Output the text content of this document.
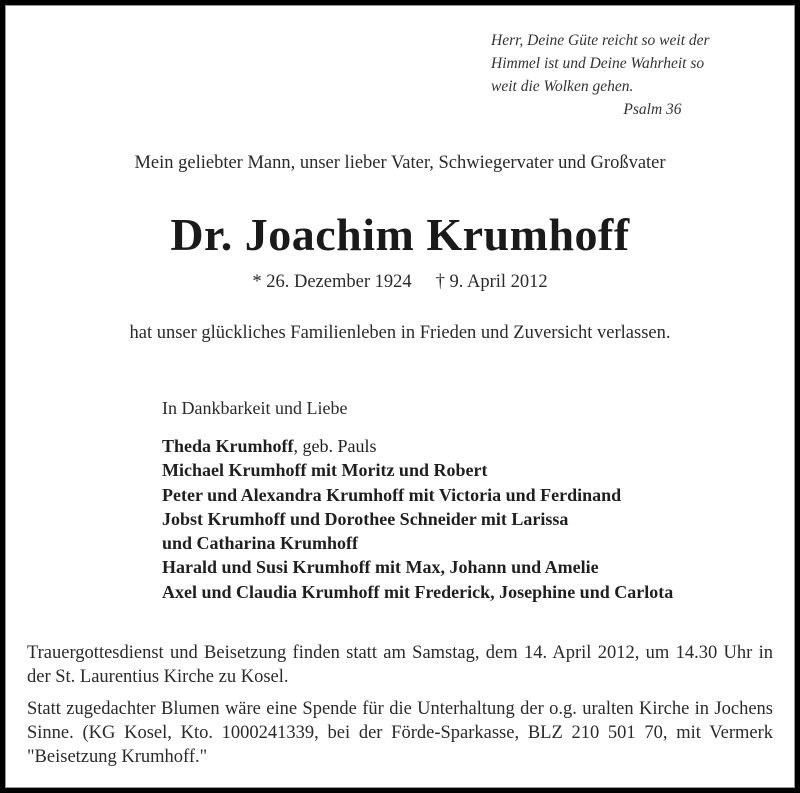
Herr, Deine Güte reicht so weit der
Himmel ist und Deine Wahrheit so
weit die Wolken gehen.
Psalm 36
Mein geliebter Mann, unser lieber Vater, Schwiegervater und Großvater
Dr. Joachim Krumhoff
* 26. Dezember 1924 † 9. April 2012
hat unser glückliches Familienleben in Frieden und Zuversicht verlassen.
In Dankbarkeit und Liebe
Theda Krumhoff, geb. Pauls
Michael Krumhoff mit Moritz und Robert
Peter und Alexandra Krumhoff mit Victoria und Ferdinand
Jobst Krumhoff und Dorothee Schneider mit Larissa
und Catharina Krumhoff
Harald und Susi Krumhoff mit Max, Johann und Amelie
Axel und Claudia Krumhoff mit Frederick, Josephine und Carlota

Trauergottesdienst und Beisetzung finden statt am Samstag, dem 14. April 2012, um 14.30 Uhr in der St. Laurentius Kirche zu Kosel.

Statt zugedachter Blumen wäre eine Spende für die Unterhaltung der o.g. uralten Kirche in Jochens Sinne. (KG Kosel, Kto. 1000241339, bei der Förde-Sparkasse, BLZ 210 501 70, mit Vermerk "Beisetzung Krumhoff."
